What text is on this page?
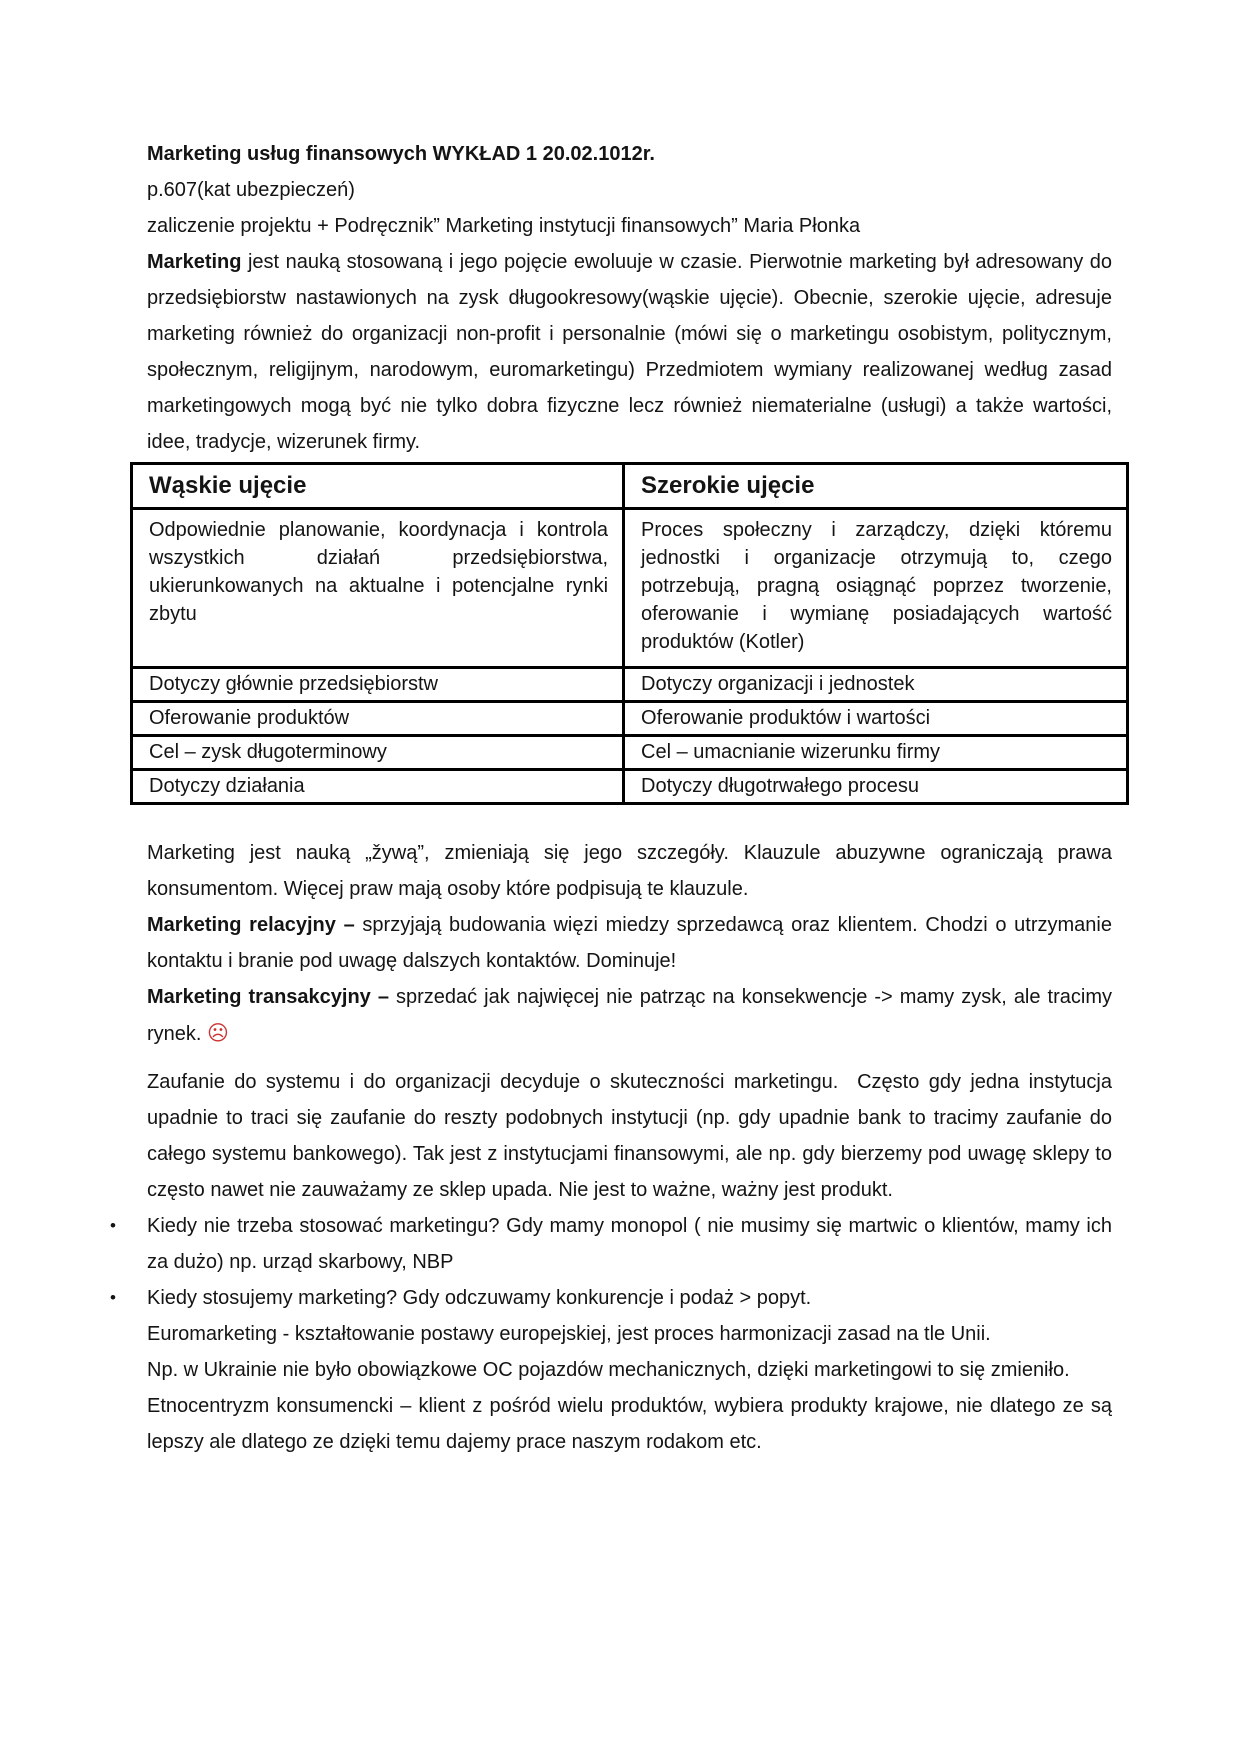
Marketing usług finansowych WYKŁAD 1 20.02.1012r.

p.607(kat ubezpieczeń)

zaliczenie projektu + Podręcznik” Marketing instytucji finansowych” Maria Płonka

Marketing jest nauką stosowaną i jego pojęcie ewoluuje w czasie. Pierwotnie marketing był adresowany do przedsiębiorstw nastawionych na zysk długookresowy(wąskie ujęcie). Obecnie, szerokie ujęcie, adresuje marketing również do organizacji non-profit i personalnie (mówi się o marketingu osobistym, politycznym, społecznym, religijnym, narodowym, euromarketingu) Przedmiotem wymiany realizowanej według zasad marketingowych mogą być nie tylko dobra fizyczne lecz również niematerialne (usługi) a także wartości, idee, tradycje, wizerunek firmy.

Wąskie ujęcie	Szerokie ujęcie
Odpowiednie planowanie, koordynacja i kontrola wszystkich działań przedsiębiorstwa, ukierunkowanych na aktualne i potencjalne rynki zbytu	Proces społeczny i zarządczy, dzięki któremu jednostki i organizacje otrzymują to, czego potrzebują, pragną osiągnąć poprzez tworzenie, oferowanie i wymianę posiadających wartość produktów (Kotler)
Dotyczy głównie przedsiębiorstw	Dotyczy organizacji i jednostek
Oferowanie produktów	Oferowanie produktów i wartości
Cel – zysk długoterminowy	Cel – umacnianie wizerunku firmy
Dotyczy działania	Dotyczy długotrwałego procesu

Marketing jest nauką „žywą”, zmieniają się jego szczegóły. Klauzule abuzywne ograniczają prawa konsumentom. Więcej praw mają osoby które podpisują te klauzule.

Marketing relacyjny – sprzyjają budowania więzi miedzy sprzedawcą oraz klientem. Chodzi o utrzymanie kontaktu i branie pod uwagę dalszych kontaktów. Dominuje!

Marketing transakcyjny – sprzedać jak najwięcej nie patrząc na konsekwencje -> mamy zysk, ale tracimy rynek. ☹

Zaufanie do systemu i do organizacji decyduje o skuteczności marketingu.  Często gdy jedna instytucja upadnie to traci się zaufanie do reszty podobnych instytucji (np. gdy upadnie bank to tracimy zaufanie do całego systemu bankowego). Tak jest z instytucjami finansowymi, ale np. gdy bierzemy pod uwagę sklepy to często nawet nie zauważamy ze sklep upada. Nie jest to ważne, ważny jest produkt.

• Kiedy nie trzeba stosować marketingu? Gdy mamy monopol ( nie musimy się martwic o klientów, mamy ich za dużo) np. urząd skarbowy, NBP
• Kiedy stosujemy marketing? Gdy odczuwamy konkurencje i podaż > popyt.

Euromarketing - kształtowanie postawy europejskiej, jest proces harmonizacji zasad na tle Unii.

Np. w Ukrainie nie było obowiązkowe OC pojazdów mechanicznych, dzięki marketingowi to się zmieniło.

Etnocentryzm konsumencki – klient z pośród wielu produktów, wybiera produkty krajowe, nie dlatego ze są lepszy ale dlatego ze dzięki temu dajemy prace naszym rodakom etc.
